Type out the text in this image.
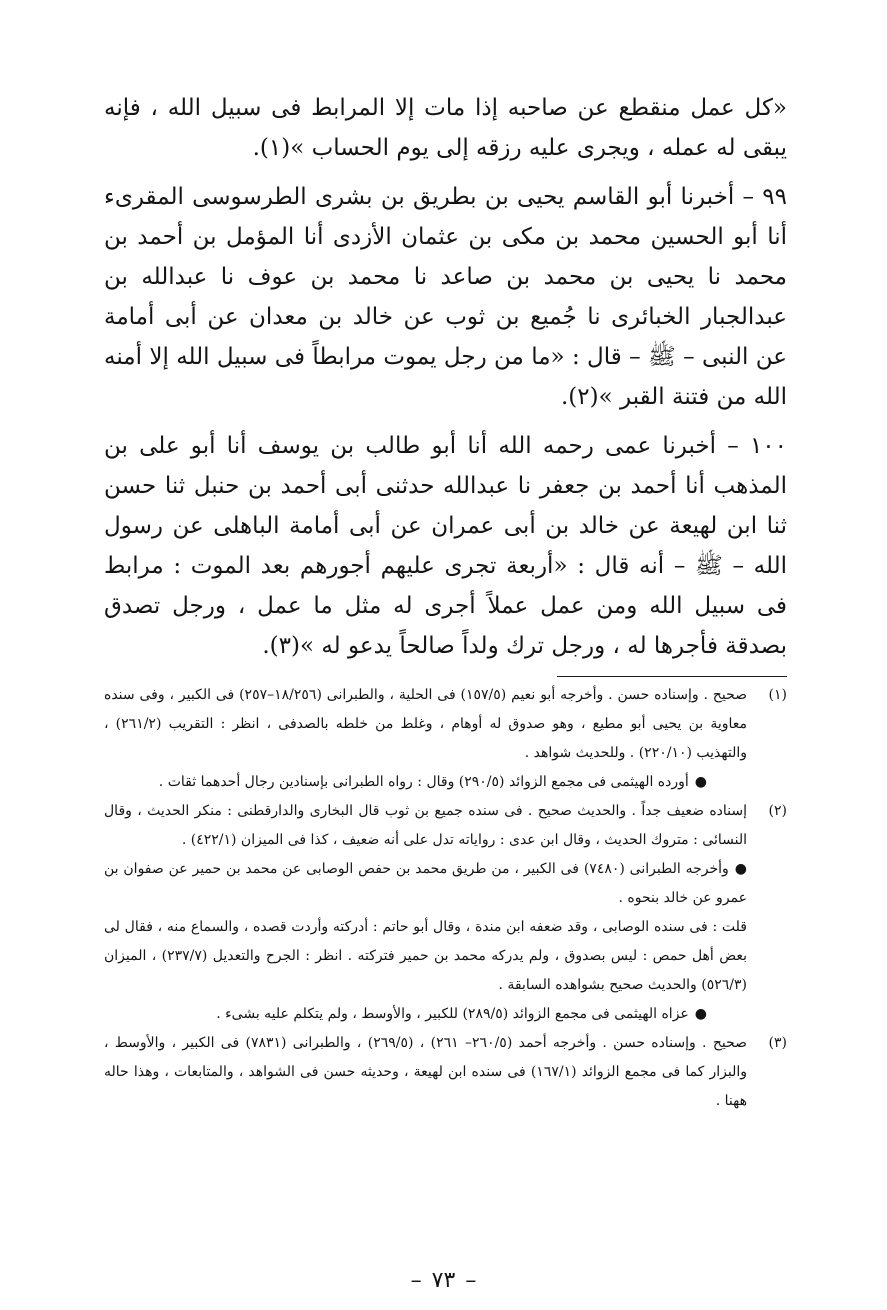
«كل عمل منقطع عن صاحبه إذا مات إلا المرابط فى سبيل الله ، فإنه يبقى له عمله ، ويجرى عليه رزقه إلى يوم الحساب »(١).

٩٩ – أخبرنا أبو القاسم يحيى بن بطريق بن بشرى الطرسوسى المقرىء أنا أبو الحسين محمد بن مكى بن عثمان الأزدى أنا المؤمل بن أحمد بن محمد نا يحيى بن محمد بن صاعد نا محمد بن عوف نا عبدالله بن عبدالجبار الخبائرى نا جُميع بن ثوب عن خالد بن معدان عن أبى أمامة عن النبى – ﷺ – قال : «ما من رجل يموت مرابطاً فى سبيل الله إلا أمنه الله من فتنة القبر »(٢).

١٠٠ – أخبرنا عمى رحمه الله أنا أبو طالب بن يوسف أنا أبو على بن المذهب أنا أحمد بن جعفر نا عبدالله حدثنى أبى أحمد بن حنبل ثنا حسن ثنا ابن لهيعة عن خالد بن أبى عمران عن أبى أمامة الباهلى عن رسول الله – ﷺ – أنه قال : «أربعة تجرى عليهم أجورهم بعد الموت : مرابط فى سبيل الله ومن عمل عملاً أجرى له مثل ما عمل ، ورجل تصدق بصدقة فأجرها له ، ورجل ترك ولداً صالحاً يدعو له »(٣).

(١)

صحيح . وإسناده حسن . وأخرجه أبو نعيم (١٥٧/٥) فى الحلية ، والطبرانى (١٨/٢٥٦–٢٥٧) فى الكبير ، وفى سنده معاوية بن يحيى أبو مطيع ، وهو صدوق له أوهام ، وغلط من خلطه بالصدفى ، انظر : التقريب (٢٦١/٢) ، والتهذيب (٢٢٠/١٠) . وللحديث شواهد .

●أورده الهيثمى فى مجمع الزوائد (٢٩٠/٥) وقال : رواه الطبرانى بإسنادين رجال أحدهما ثقات .

(٢)

إسناده ضعيف جداً . والحديث صحيح . فى سنده جميع بن ثوب قال البخارى والدارقطنى : منكر الحديث ، وقال النسائى : متروك الحديث ، وقال ابن عدى : رواياته تدل على أنه ضعيف ، كذا فى الميزان (٤٢٢/١) .

●وأخرجه الطبرانى (٧٤٨٠) فى الكبير ، من طريق محمد بن حفص الوصابى عن محمد بن حمير عن صفوان بن عمرو عن خالد بنحوه .

قلت : فى سنده الوصابى ، وقد ضعفه ابن مندة ، وقال أبو حاتم : أدركته وأردت قصده ، والسماع منه ، فقال لى بعض أهل حمص : ليس بصدوق ، ولم يدركه محمد بن حمير فتركته . انظر : الجرح والتعديل (٢٣٧/٧) ، الميزان (٥٢٦/٣) والحديث صحيح بشواهده السابقة .

●عزاه الهيثمى فى مجمع الزوائد (٢٨٩/٥) للكبير ، والأوسط ، ولم يتكلم عليه بشىء .

(٣)

صحيح . وإسناده حسن . وأخرجه أحمد (٢٦٠/٥– ٢٦١) ، (٢٦٩/٥) ، والطبرانى (٧٨٣١) فى الكبير ، والأوسط ، والبزار كما فى مجمع الزوائد (١٦٧/١) فى سنده ابن لهيعة ، وحديثه حسن فى الشواهد ، والمتابعات ، وهذا حاله ههنا .

–٧٣–
